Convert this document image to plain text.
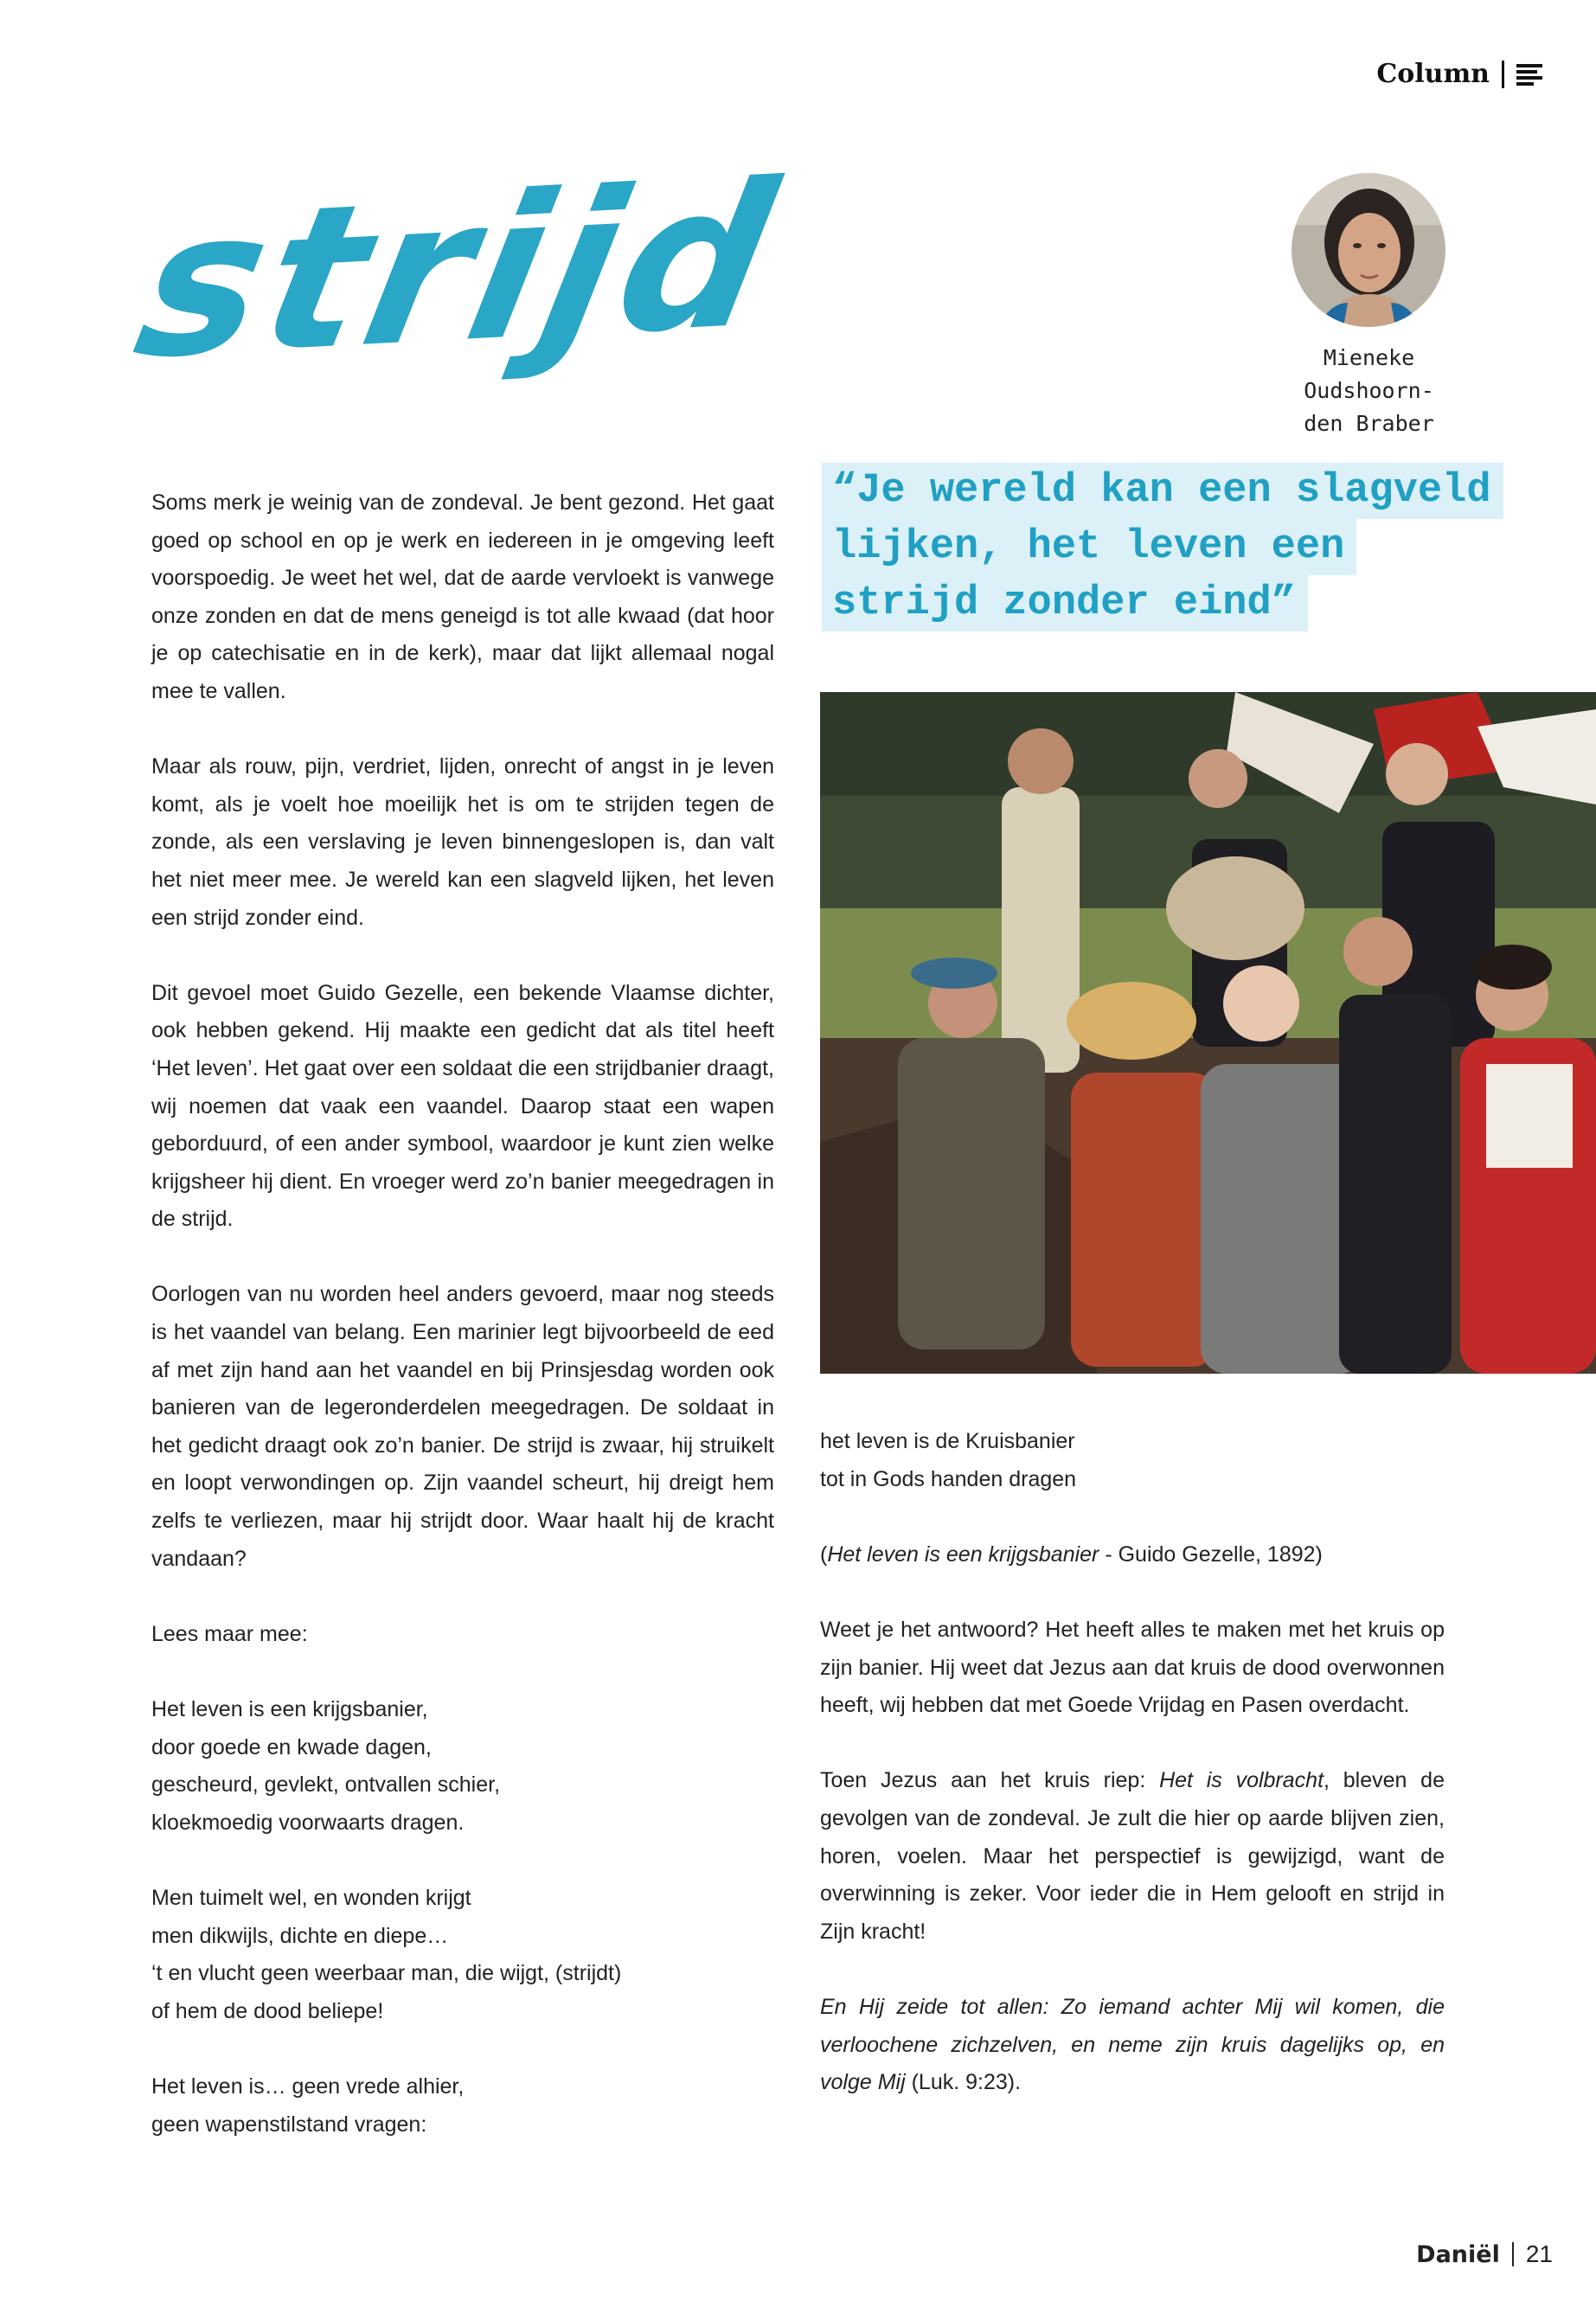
Column
strijd	Mieneke
Oudshoorn-
den Braber
“Je wereld kan een slagveld
lijken, het leven een
strijd zonder eind”

Soms merk je weinig van de zondeval. Je bent gezond. Het gaat goed op school en op je werk en iedereen in je omgeving leeft voorspoedig. Je weet het wel, dat de aarde vervloekt is vanwege onze zonden en dat de mens geneigd is tot alle kwaad (dat hoor je op catechisatie en in de kerk), maar dat lijkt allemaal nogal mee te vallen.

Maar als rouw, pijn, verdriet, lijden, onrecht of angst in je leven komt, als je voelt hoe moeilijk het is om te strijden tegen de zonde, als een verslaving je leven binnengeslopen is, dan valt het niet meer mee. Je wereld kan een slagveld lijken, het leven een strijd zonder eind.

Dit gevoel moet Guido Gezelle, een bekende Vlaamse dichter, ook hebben gekend. Hij maakte een gedicht dat als titel heeft ‘Het leven’. Het gaat over een soldaat die een strijdbanier draagt, wij noemen dat vaak een vaandel. Daarop staat een wapen geborduurd, of een ander symbool, waardoor je kunt zien welke krijgsheer hij dient. En vroeger werd zo’n banier meegedragen in de strijd.

Oorlogen van nu worden heel anders gevoerd, maar nog steeds is het vaandel van belang. Een marinier legt bijvoorbeeld de eed af met zijn hand aan het vaandel en bij Prinsjesdag worden ook banieren van de legeronderdelen meegedragen. De soldaat in het gedicht draagt ook zo’n banier. De strijd is zwaar, hij struikelt en loopt verwondingen op. Zijn vaandel scheurt, hij dreigt hem zelfs te verliezen, maar hij strijdt door. Waar haalt hij de kracht vandaan?

Lees maar mee:

Het leven is een krijgsbanier,
door goede en kwade dagen,
gescheurd, gevlekt, ontvallen schier,
kloekmoedig voorwaarts dragen.

Men tuimelt wel, en wonden krijgt
men dikwijls, dichte en diepe…
‘t en vlucht geen weerbaar man, die wijgt, (strijdt)
of hem de dood beliepe!

Het leven is… geen vrede alhier,
geen wapenstilstand vragen:

het leven is de Kruisbanier
tot in Gods handen dragen

(Het leven is een krijgsbanier - Guido Gezelle, 1892)

Weet je het antwoord? Het heeft alles te maken met het kruis op zijn banier. Hij weet dat Jezus aan dat kruis de dood overwonnen heeft, wij hebben dat met Goede Vrijdag en Pasen overdacht.

Toen Jezus aan het kruis riep: Het is volbracht, bleven de gevolgen van de zondeval. Je zult die hier op aarde blijven zien, horen, voelen. Maar het perspectief is gewijzigd, want de overwinning is zeker. Voor ieder die in Hem gelooft en strijd in Zijn kracht!

En Hij zeide tot allen: Zo iemand achter Mij wil komen, die verloochene zichzelven, en neme zijn kruis dagelijks op, en volge Mij (Luk. 9:23).

Daniël 21
